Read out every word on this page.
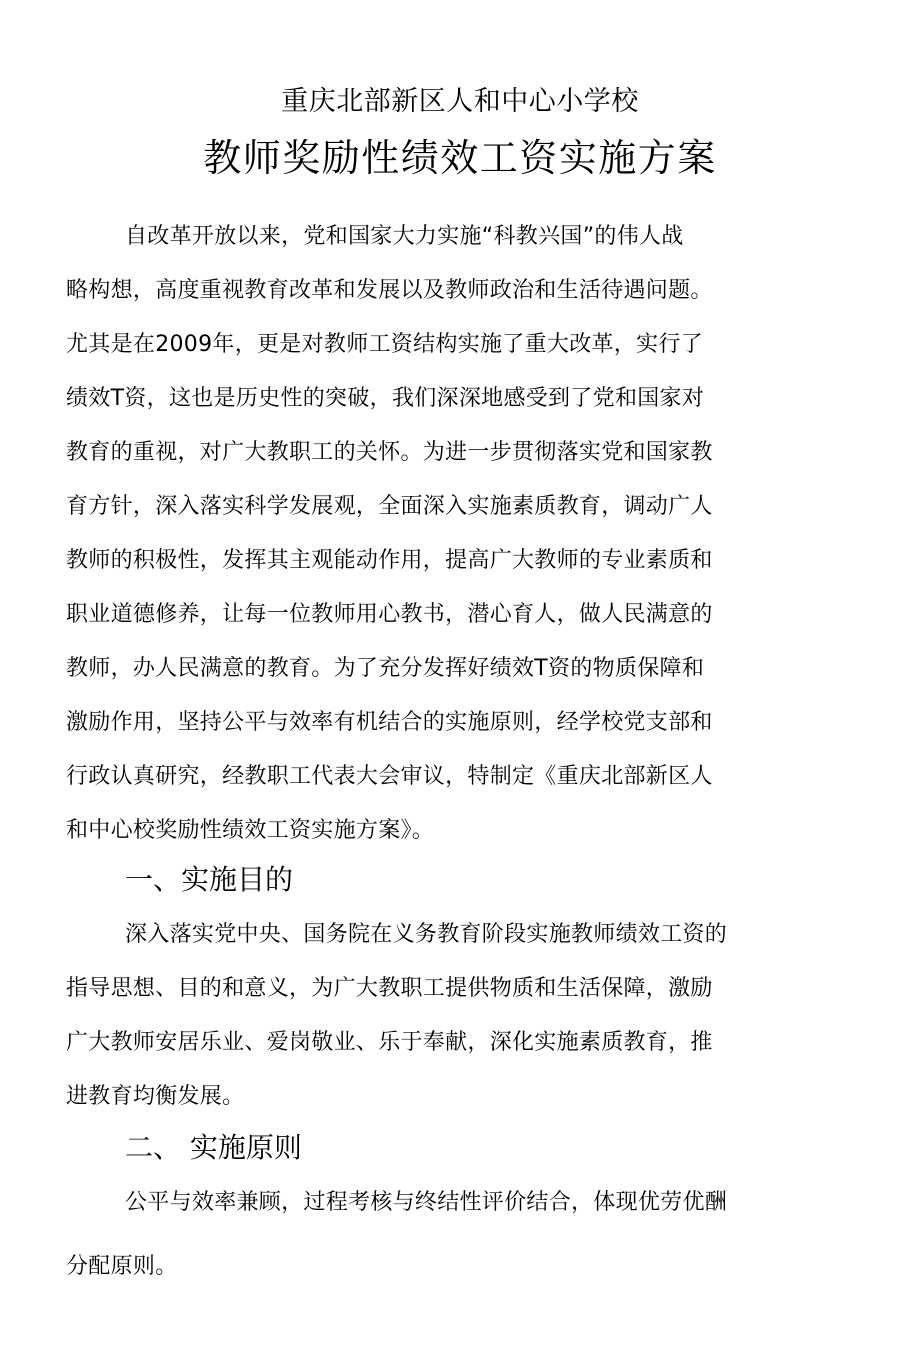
重庆北部新区人和中心小学校
教师奖励性绩效工资实施方案
自改革开放以来，党和国家大力实施“科教兴国”的伟人战
略构想，高度重视教育改革和发展以及教师政治和生活待遇问题。
尤其是在2009年，更是对教师工资结构实施了重大改革，实行了
绩效T资，这也是历史性的突破，我们深深地感受到了党和国家对
教育的重视，对广大教职工的关怀。为进一步贯彻落实党和国家教
育方针，深入落实科学发展观，全面深入实施素质教育，调动广人
教师的积极性，发挥其主观能动作用，提高广大教师的专业素质和
职业道德修养，让每一位教师用心教书，潜心育人，做人民满意的
教师，办人民满意的教育。为了充分发挥好绩效T资的物质保障和
激励作用，坚持公平与效率有机结合的实施原则，经学校党支部和
行政认真研究，经教职工代表大会审议，特制定《重庆北部新区人
和中心校奖励性绩效工资实施方案》。
一、实施目的
深入落实党中央、国务院在义务教育阶段实施教师绩效工资的
指导思想、目的和意义，为广大教职工提供物质和生活保障，激励
广大教师安居乐业、爱岗敬业、乐于奉献，深化实施素质教育，推
进教育均衡发展。
二、 实施原则
公平与效率兼顾，过程考核与终结性评价结合，体现优劳优酬
分配原则。
